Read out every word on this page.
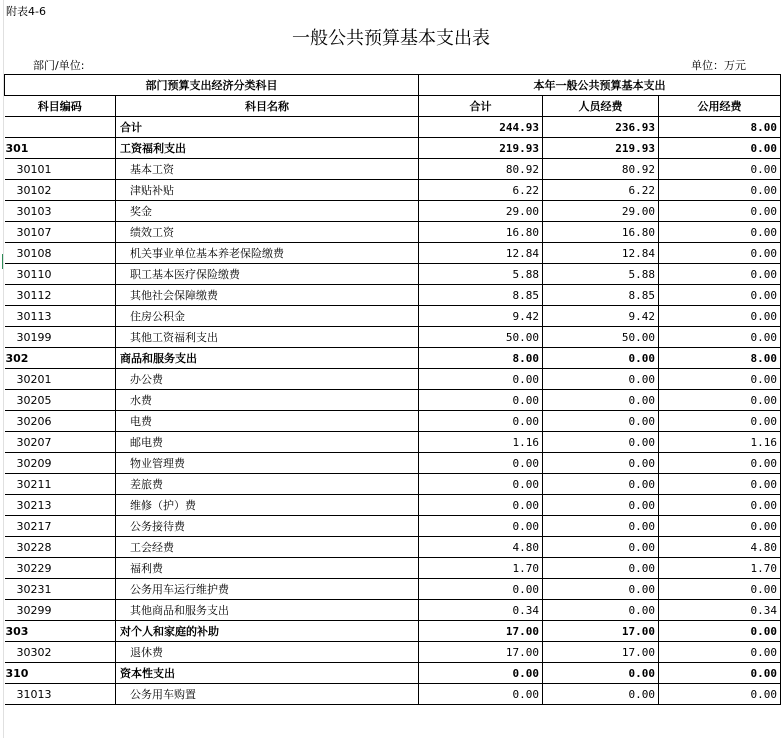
附表4-6
一般公共预算基本支出表
部门/单位:	单位：万元
部门预算支出经济分类科目		本年一般公共预算基本支出		
科目编码	科目名称	合计	人员经费	公用经费
	合计	244.93	236.93	8.00
301	工资福利支出	219.93	219.93	0.00
30101	基本工资	80.92	80.92	0.00
30102	津贴补贴	6.22	6.22	0.00
30103	奖金	29.00	29.00	0.00
30107	绩效工资	16.80	16.80	0.00
30108	机关事业单位基本养老保险缴费	12.84	12.84	0.00
30110	职工基本医疗保险缴费	5.88	5.88	0.00
30112	其他社会保障缴费	8.85	8.85	0.00
30113	住房公积金	9.42	9.42	0.00
30199	其他工资福利支出	50.00	50.00	0.00
302	商品和服务支出	8.00	0.00	8.00
30201	办公费	0.00	0.00	0.00
30205	水费	0.00	0.00	0.00
30206	电费	0.00	0.00	0.00
30207	邮电费	1.16	0.00	1.16
30209	物业管理费	0.00	0.00	0.00
30211	差旅费	0.00	0.00	0.00
30213	维修（护）费	0.00	0.00	0.00
30217	公务接待费	0.00	0.00	0.00
30228	工会经费	4.80	0.00	4.80
30229	福利费	1.70	0.00	1.70
30231	公务用车运行维护费	0.00	0.00	0.00
30299	其他商品和服务支出	0.34	0.00	0.34
303	对个人和家庭的补助	17.00	17.00	0.00
30302	退休费	17.00	17.00	0.00
310	资本性支出	0.00	0.00	0.00
31013	公务用车购置	0.00	0.00	0.00
